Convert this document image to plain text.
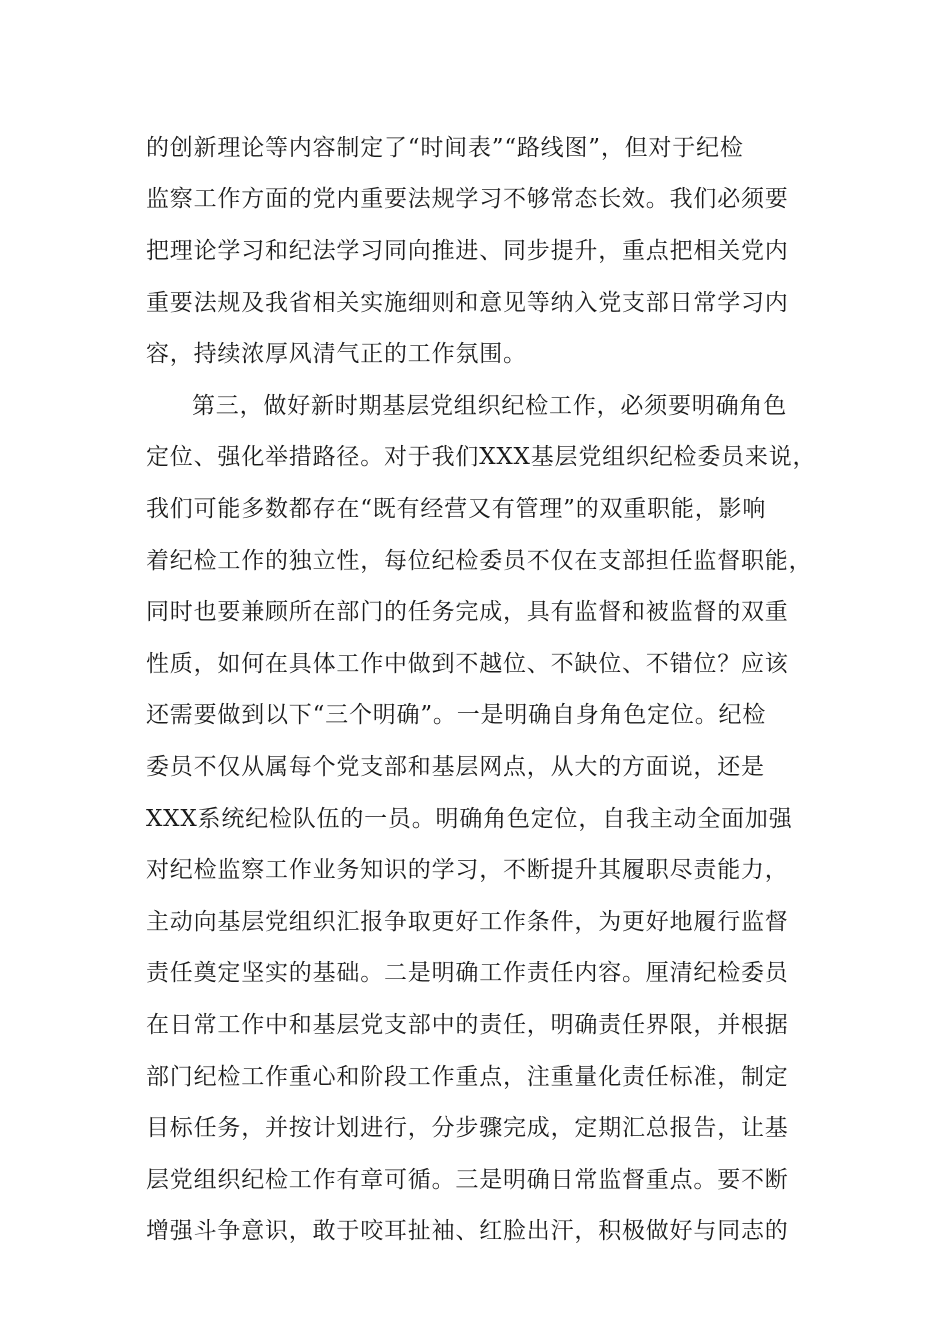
的创新理论等内容制定了“时间表”“路线图”，但对于纪检
监察工作方面的党内重要法规学习不够常态长效。我们必须要
把理论学习和纪法学习同向推进、同步提升，重点把相关党内
重要法规及我省相关实施细则和意见等纳入党支部日常学习内
容，持续浓厚风清气正的工作氛围。
第三，做好新时期基层党组织纪检工作，必须要明确角色
定位、强化举措路径。对于我们XXX基层党组织纪检委员来说，
我们可能多数都存在“既有经营又有管理”的双重职能，影响
着纪检工作的独立性，每位纪检委员不仅在支部担任监督职能，
同时也要兼顾所在部门的任务完成，具有监督和被监督的双重
性质，如何在具体工作中做到不越位、不缺位、不错位？应该
还需要做到以下“三个明确”。一是明确自身角色定位。纪检
委员不仅从属每个党支部和基层网点，从大的方面说，还是
XXX系统纪检队伍的一员。明确角色定位，自我主动全面加强
对纪检监察工作业务知识的学习，不断提升其履职尽责能力，
主动向基层党组织汇报争取更好工作条件，为更好地履行监督
责任奠定坚实的基础。二是明确工作责任内容。厘清纪检委员
在日常工作中和基层党支部中的责任，明确责任界限，并根据
部门纪检工作重心和阶段工作重点，注重量化责任标准，制定
目标任务，并按计划进行，分步骤完成，定期汇总报告，让基
层党组织纪检工作有章可循。三是明确日常监督重点。要不断
增强斗争意识，敢于咬耳扯袖、红脸出汗，积极做好与同志的
